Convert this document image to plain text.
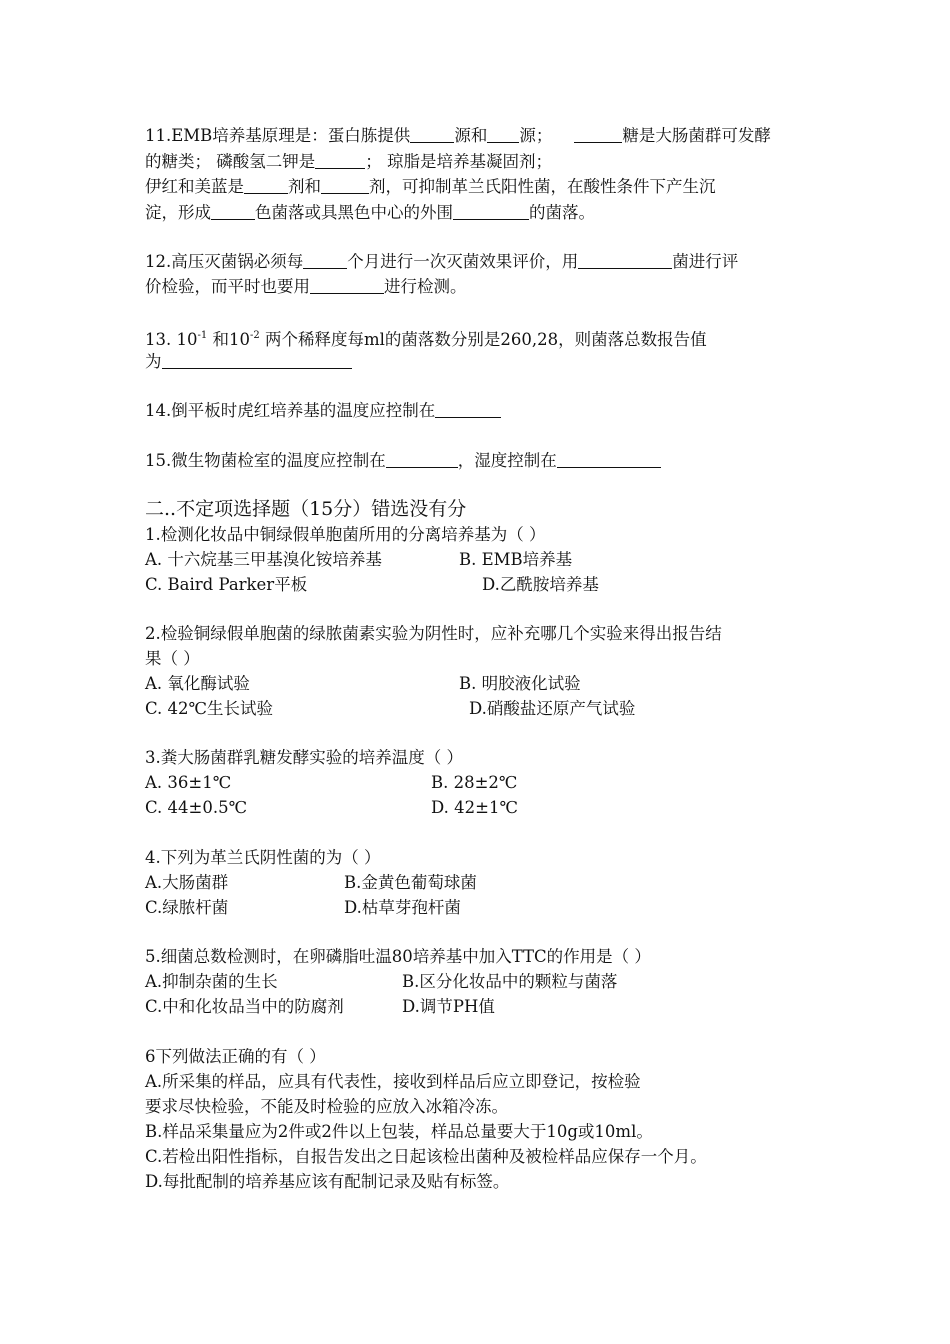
11.EMB培养基原理是：蛋白胨提供	源和 源；	糖是大肠菌群可发酵
的糖类； 磷酸氢二钾是	； 琼脂是培养基凝固剂；
伊红和美蓝是	剂和	剂，可抑制革兰氏阳性菌，在酸性条件下产生沉
淀，形成	色菌落或具黑色中心的外围	的菌落。
12.高压灭菌锅必须每	个月进行一次灭菌效果评价，用	菌进行评
价检验，而平时也要用	进行检测。
13. $10^{-1}$ 和$10^{-2}$ 两个稀释度每ml的菌落数分别是260,28，则菌落总数报告值
为
14.倒平板时虎红培养基的温度应控制在
15.微生物菌检室的温度应控制在	，湿度控制在
二..不定项选择题（15分）错选没有分
1.检测化妆品中铜绿假单胞菌所用的分离培养基为（ ）
A. 十六烷基三甲基溴化铵培养基	B. EMB培养基
C. Baird Parker平板	D.乙酰胺培养基
2.检验铜绿假单胞菌的绿脓菌素实验为阴性时，应补充哪几个实验来得出报告结
果（ ）
A. 氧化酶试验	B. 明胶液化试验
C. 42℃生长试验	D.硝酸盐还原产气试验
3.粪大肠菌群乳糖发酵实验的培养温度（ ）
A. 36±1℃	B. 28±2℃
C. 44±0.5℃	D. 42±1℃
4.下列为革兰氏阴性菌的为（ ）
A.大肠菌群	B.金黄色葡萄球菌
C.绿脓杆菌	D.枯草芽孢杆菌
5.细菌总数检测时，在卵磷脂吐温80培养基中加入TTC的作用是（ ）
A.抑制杂菌的生长	B.区分化妆品中的颗粒与菌落
C.中和化妆品当中的防腐剂	D.调节PH值
6下列做法正确的有（ ）
A.所采集的样品，应具有代表性，接收到样品后应立即登记，按检验
要求尽快检验，不能及时检验的应放入冰箱冷冻。
B.样品采集量应为2件或2件以上包装，样品总量要大于10g或10ml。
C.若检出阳性指标，自报告发出之日起该检出菌种及被检样品应保存一个月。
D.每批配制的培养基应该有配制记录及贴有标签。
